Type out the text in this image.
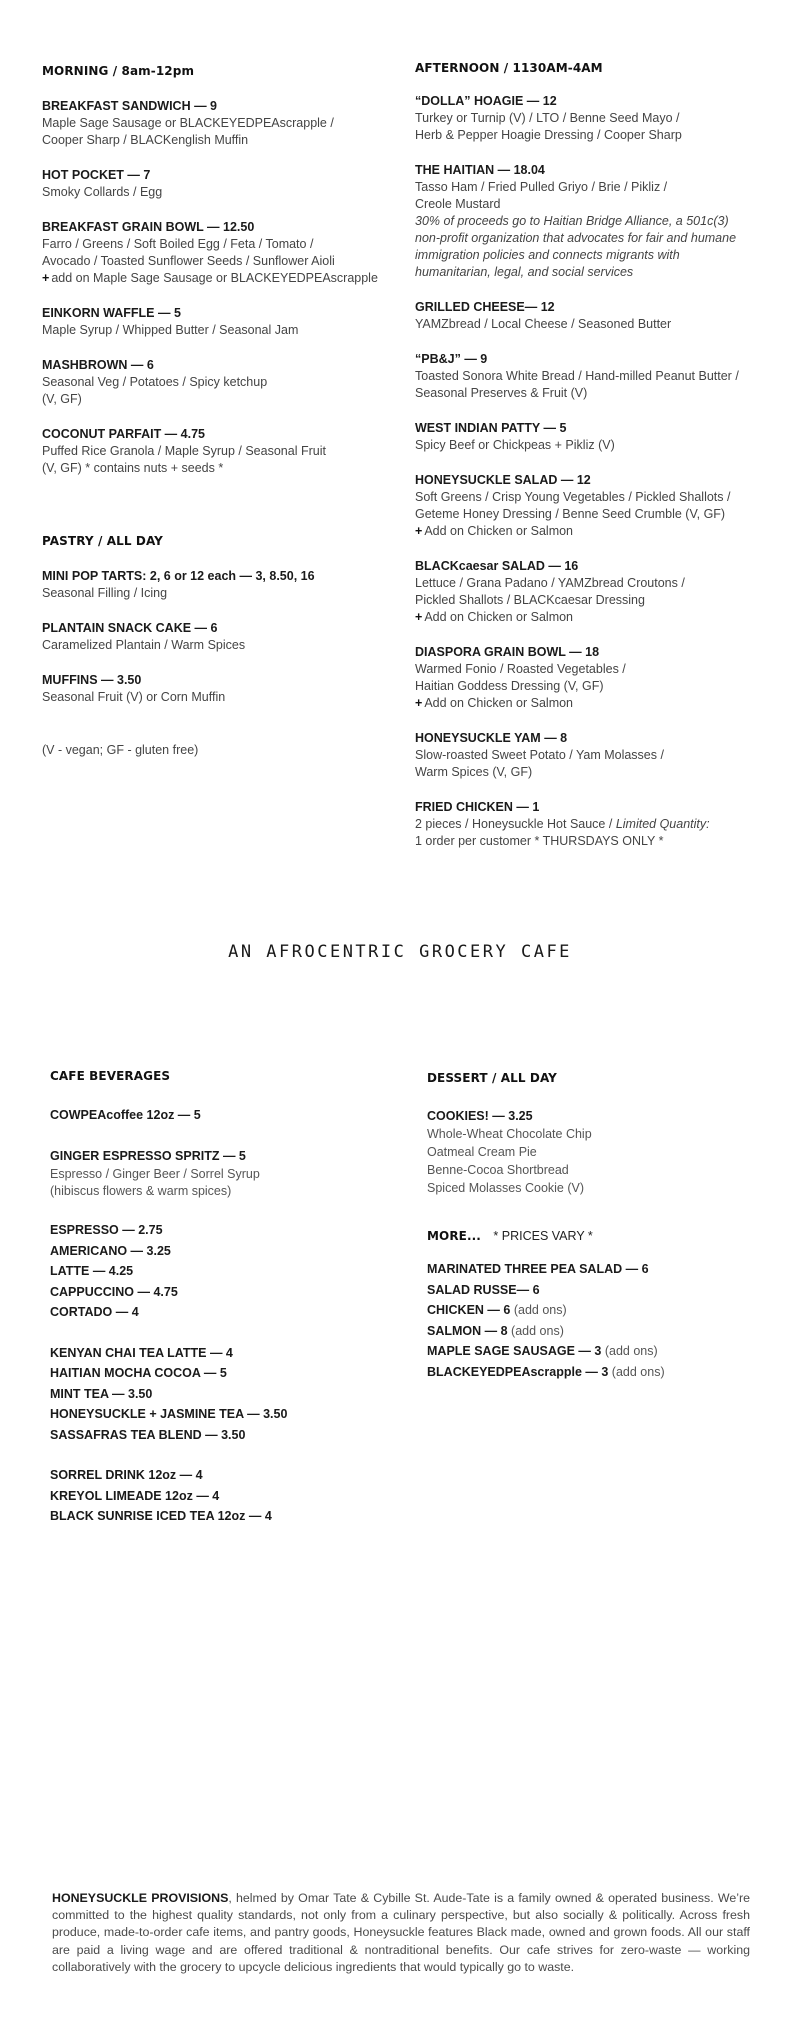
MORNING / 8am-12pm
BREAKFAST SANDWICH — 9
Maple Sage Sausage or BLACKEYEDPEAscrapple /
Cooper Sharp / BLACKenglish Muffin
HOT POCKET — 7
Smoky Collards / Egg
BREAKFAST GRAIN BOWL — 12.50
Farro / Greens / Soft Boiled Egg / Feta / Tomato /
Avocado / Toasted Sunflower Seeds / Sunflower Aioli
+ add on Maple Sage Sausage or BLACKEYEDPEAscrapple
EINKORN WAFFLE — 5
Maple Syrup / Whipped Butter / Seasonal Jam
MASHBROWN — 6
Seasonal Veg / Potatoes / Spicy ketchup
(V, GF)
COCONUT PARFAIT — 4.75
Puffed Rice Granola / Maple Syrup / Seasonal Fruit
(V, GF) * contains nuts + seeds *
PASTRY / ALL DAY
MINI POP TARTS: 2, 6 or 12 each — 3, 8.50, 16
Seasonal Filling / Icing
PLANTAIN SNACK CAKE — 6
Caramelized Plantain / Warm Spices
MUFFINS — 3.50
Seasonal Fruit (V) or Corn Muffin
(V - vegan; GF - gluten free)
AFTERNOON / 1130AM-4AM
“DOLLA” HOAGIE — 12
Turkey or Turnip (V) / LTO / Benne Seed Mayo /
Herb & Pepper Hoagie Dressing / Cooper Sharp
THE HAITIAN — 18.04
Tasso Ham / Fried Pulled Griyo / Brie / Pikliz /
Creole Mustard
30% of proceeds go to Haitian Bridge Alliance, a 501c(3)
non-profit organization that advocates for fair and humane
immigration policies and connects migrants with
humanitarian, legal, and social services
GRILLED CHEESE— 12
YAMZbread / Local Cheese / Seasoned Butter
“PB&J” — 9
Toasted Sonora White Bread / Hand-milled Peanut Butter /
Seasonal Preserves & Fruit (V)
WEST INDIAN PATTY — 5
Spicy Beef or Chickpeas + Pikliz (V)
HONEYSUCKLE SALAD — 12
Soft Greens / Crisp Young Vegetables / Pickled Shallots /
Geteme Honey Dressing / Benne Seed Crumble (V, GF)
+ Add on Chicken or Salmon
BLACKcaesar SALAD — 16
Lettuce / Grana Padano / YAMZbread Croutons /
Pickled Shallots / BLACKcaesar Dressing
+ Add on Chicken or Salmon
DIASPORA GRAIN BOWL — 18
Warmed Fonio / Roasted Vegetables /
Haitian Goddess Dressing (V, GF)
+ Add on Chicken or Salmon
HONEYSUCKLE YAM — 8
Slow-roasted Sweet Potato / Yam Molasses /
Warm Spices (V, GF)
FRIED CHICKEN — 1
2 pieces / Honeysuckle Hot Sauce / Limited Quantity:
1 order per customer * THURSDAYS ONLY *
AN AFROCENTRIC GROCERY CAFE
CAFE BEVERAGES
COWPEAcoffee 12oz — 5
GINGER ESPRESSO SPRITZ — 5
Espresso / Ginger Beer / Sorrel Syrup
(hibiscus flowers & warm spices)
ESPRESSO — 2.75
AMERICANO — 3.25
LATTE — 4.25
CAPPUCCINO — 4.75
CORTADO — 4
KENYAN CHAI TEA LATTE — 4
HAITIAN MOCHA COCOA — 5
MINT TEA — 3.50
HONEYSUCKLE + JASMINE TEA — 3.50
SASSAFRAS TEA BLEND — 3.50
SORREL DRINK 12oz — 4
KREYOL LIMEADE 12oz — 4
BLACK SUNRISE ICED TEA 12oz — 4
DESSERT / ALL DAY
COOKIES! — 3.25
Whole-Wheat Chocolate Chip
Oatmeal Cream Pie
Benne-Cocoa Shortbread
Spiced Molasses Cookie (V)
MORE... * PRICES VARY *
MARINATED THREE PEA SALAD — 6
SALAD RUSSE— 6
CHICKEN — 6 (add ons)
SALMON — 8 (add ons)
MAPLE SAGE SAUSAGE — 3 (add ons)
BLACKEYEDPEAscrapple — 3 (add ons)

HONEYSUCKLE PROVISIONS, helmed by Omar Tate & Cybille St. Aude-Tate is a family owned & operated business. We’re committed to the highest quality standards, not only from a culinary perspective, but also socially & politically. Across fresh produce, made-to-order cafe items, and pantry goods, Honeysuckle features Black made, owned and grown foods. All our staff are paid a living wage and are offered traditional & nontraditional benefits. Our cafe strives for zero-waste — working collaboratively with the grocery to upcycle delicious ingredients that would typically go to waste.
